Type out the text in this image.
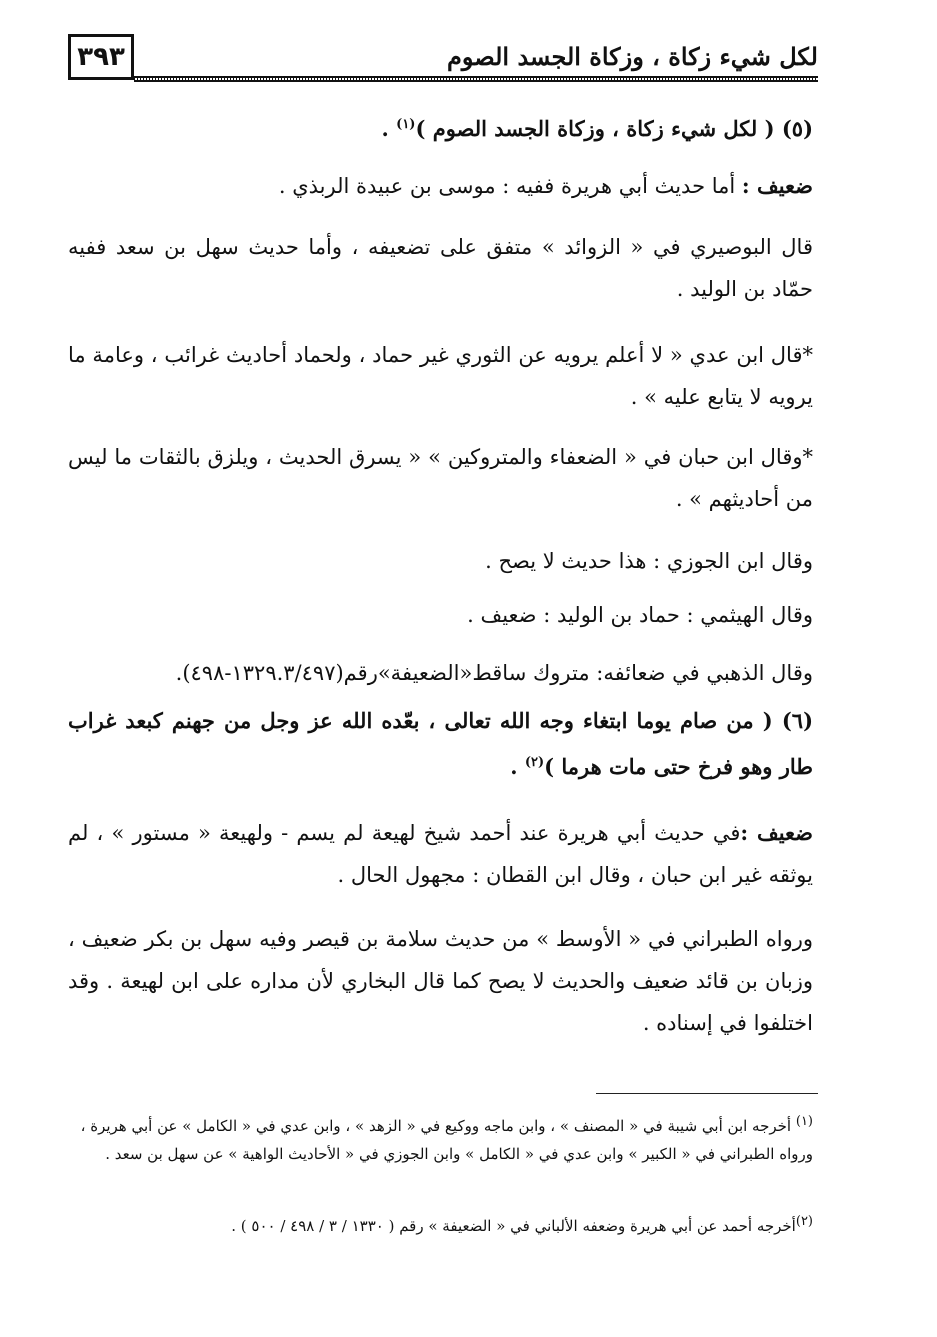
٣٩٣	لكل شيء زكاة ، وزكاة الجسد الصوم
(٥) ( لكل شيء زكاة ، وزكاة الجسد الصوم )$^{(١)}$ .
ضعيف : أما حديث أبي هريرة ففيه : موسى بن عبيدة الربذي .
قال البوصيري في « الزوائد » متفق على تضعيفه ، وأما حديث سهل بن سعد ففيه حمّاد بن الوليد .
*قال ابن عدي « لا أعلم يرويه عن الثوري غير حماد ، ولحماد أحاديث غرائب ، وعامة ما يرويه لا يتابع عليه » .
*وقال ابن حبان في « الضعفاء والمتروكين » « يسرق الحديث ، ويلزق بالثقات ما ليس من أحاديثهم » .
وقال ابن الجوزي : هذا حديث لا يصح .
وقال الهيثمي : حماد بن الوليد : ضعيف .
وقال الذهبي في ضعائفه: متروك ساقط«الضعيفة»رقم(١٣٢٩.٣/٤٩٧-٤٩٨).
(٦) ( من صام يوما ابتغاء وجه الله تعالى ، بعّده الله عز وجل من جهنم كبعد غراب طار وهو فرخ حتى مات هرما )$^{(٢)}$ .
ضعيف :في حديث أبي هريرة عند أحمد شيخ لهيعة لم يسم - ولهيعة « مستور » ، لم يوثقه غير ابن حبان ، وقال ابن القطان : مجهول الحال .
ورواه الطبراني في « الأوسط » من حديث سلامة بن قيصر وفيه سهل بن بكر ضعيف ، وزبان بن قائد ضعيف والحديث لا يصح كما قال البخاري لأن مداره على ابن لهيعة . وقد اختلفوا في إسناده .
$^{(١)}$ أخرجه ابن أبي شيبة في « المصنف » ، وابن ماجه ووكيع في « الزهد » ، وابن عدي في « الكامل » عن أبي هريرة ، ورواه الطبراني في « الكبير » وابن عدي في « الكامل » وابن الجوزي في « الأحاديث الواهية » عن سهل بن سعد .
$^{(٢)}$أخرجه أحمد عن أبي هريرة وضعفه الألباني في « الضعيفة » رقم ( ١٣٣٠ / ٣ / ٤٩٨ / ٥٠٠ ) .
